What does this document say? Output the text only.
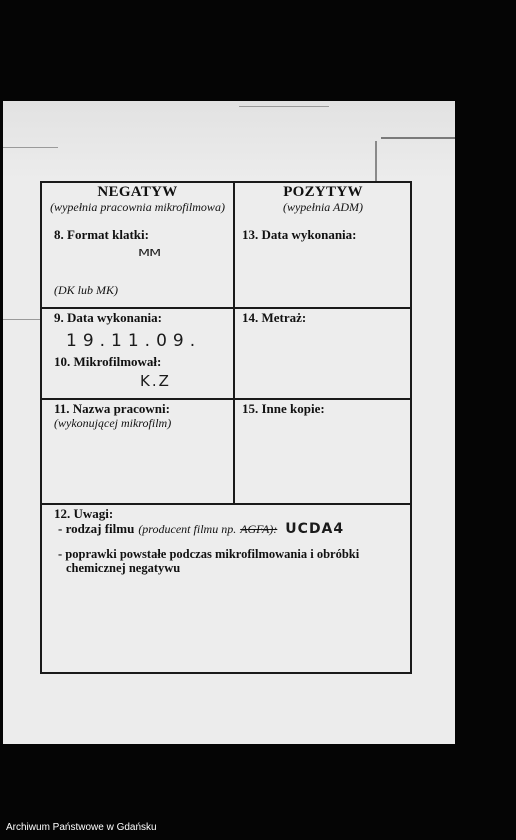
NEGATYW
(wypełnia pracownia mikrofilmowa)
POZYTYW
(wypełnia ADM)
8. Format klatki:
MM
(DK lub MK)
13. Data wykonania:
9. Data wykonania:
19.11.09.
10. Mikrofilmował:
K.Z
14. Metraż:
11. Nazwa pracowni:
(wykonującej mikrofilm)
15. Inne kopie:
12. Uwagi:
- rodzaj filmu (producent filmu np. AGFA): UCDA4
- poprawki powstałe podczas mikrofilmowania i obróbki
chemicznej negatywu
Archiwum Państwowe w Gdańsku
